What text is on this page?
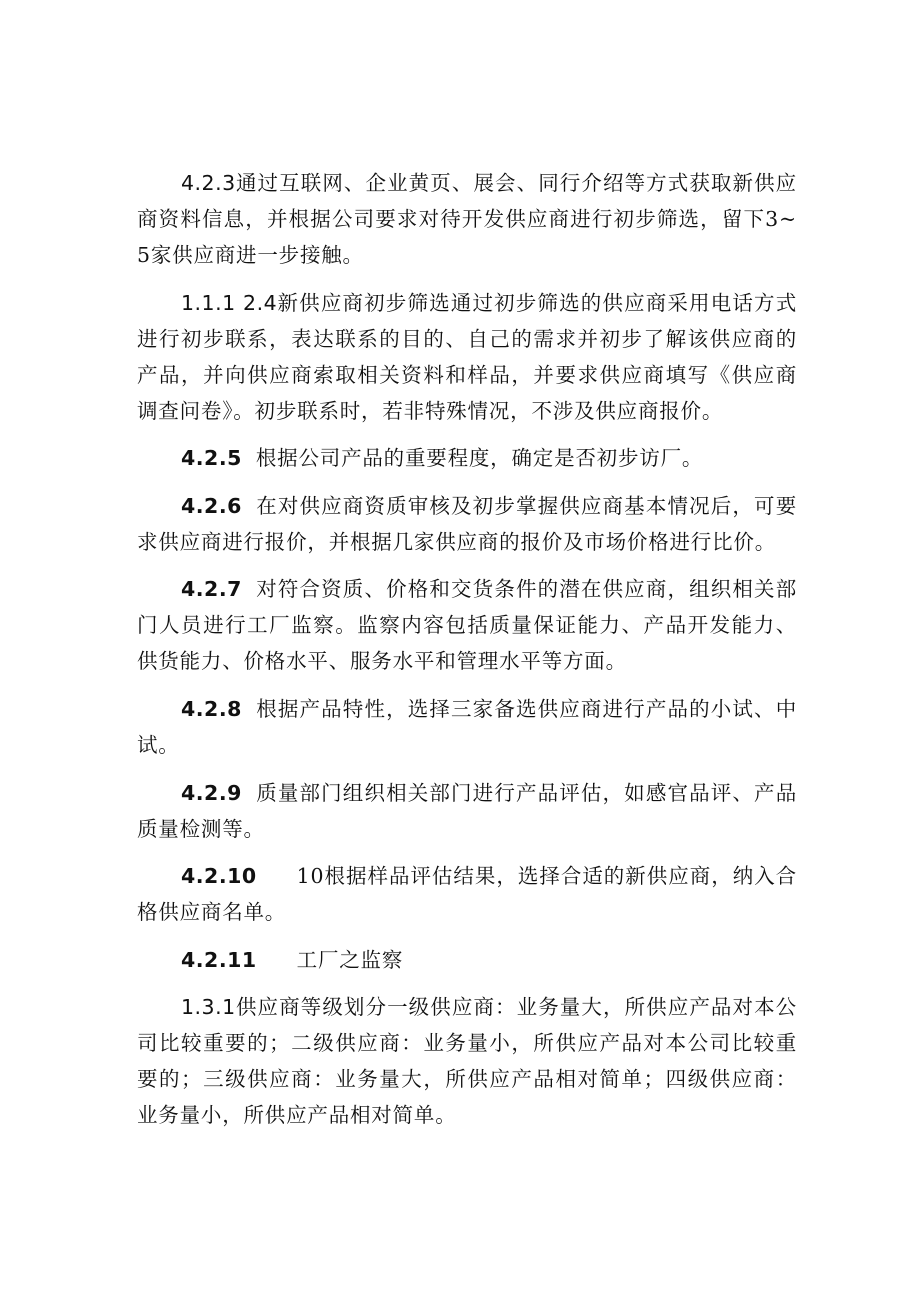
4.2.3通过互联网、企业黄页、展会、同行介绍等方式获取新供应商资料信息，并根据公司要求对待开发供应商进行初步筛选，留下3~5家供应商进一步接触。

1.1.1 2.4新供应商初步筛选通过初步筛选的供应商采用电话方式进行初步联系，表达联系的目的、自己的需求并初步了解该供应商的产品，并向供应商索取相关资料和样品，并要求供应商填写《供应商调查问卷》。初步联系时，若非特殊情况，不涉及供应商报价。

4.2.5 根据公司产品的重要程度，确定是否初步访厂。

4.2.6 在对供应商资质审核及初步掌握供应商基本情况后，可要求供应商进行报价，并根据几家供应商的报价及市场价格进行比价。

4.2.7 对符合资质、价格和交货条件的潜在供应商，组织相关部门人员进行工厂监察。监察内容包括质量保证能力、产品开发能力、供货能力、价格水平、服务水平和管理水平等方面。

4.2.8 根据产品特性，选择三家备选供应商进行产品的小试、中试。

4.2.9 质量部门组织相关部门进行产品评估，如感官品评、产品质量检测等。

4.2.10 10根据样品评估结果，选择合适的新供应商，纳入合格供应商名单。

4.2.11 工厂之监察

1.3.1供应商等级划分一级供应商：业务量大，所供应产品对本公司比较重要的；二级供应商：业务量小，所供应产品对本公司比较重要的；三级供应商：业务量大，所供应产品相对简单；四级供应商：业务量小，所供应产品相对简单。
